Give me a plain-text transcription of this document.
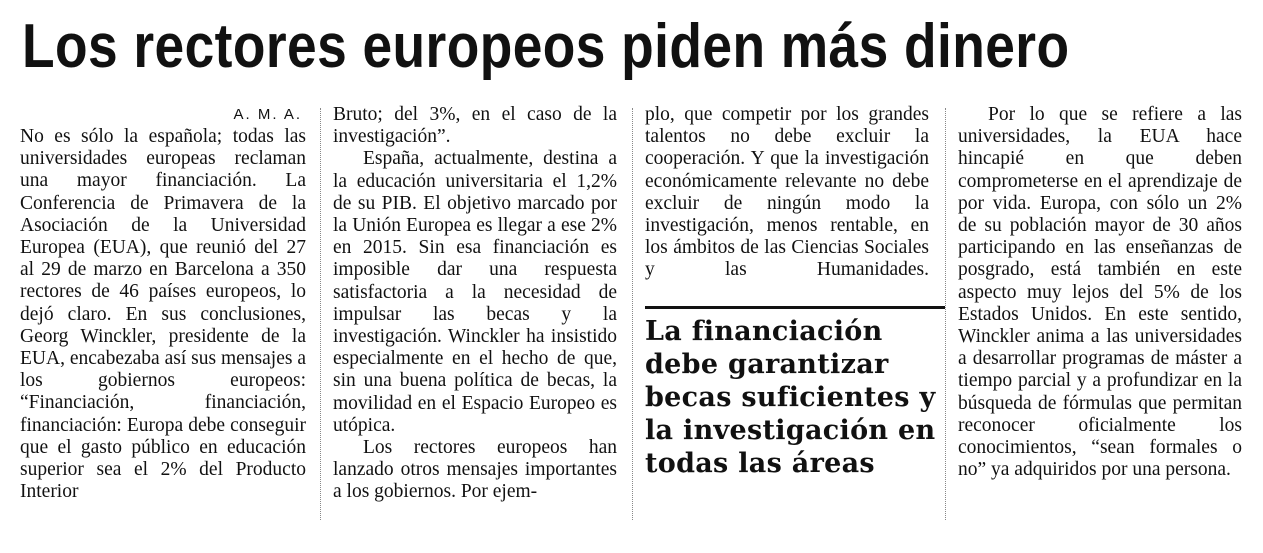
Los rectores europeos piden más dinero
A. M. A.

No es sólo la española; todas las universidades europeas reclaman una mayor financiación. La Conferencia de Primavera de la Asociación de la Universidad Europea (EUA), que reunió del 27 al 29 de marzo en Barcelona a 350 rectores de 46 países europeos, lo dejó claro. En sus conclusiones, Georg Winckler, presidente de la EUA, encabezaba así sus mensajes a los gobiernos europeos: “Financiación, financiación, financiación: Europa debe conseguir que el gasto público en educación superior sea el 2% del Producto Interior

Bruto; del 3%, en el caso de la investigación”.

España, actualmente, destina a la educación universitaria el 1,2% de su PIB. El objetivo marcado por la Unión Europea es llegar a ese 2% en 2015. Sin esa financiación es imposible dar una respuesta satisfactoria a la necesidad de impulsar las becas y la investigación. Winckler ha insistido especialmente en el hecho de que, sin una buena política de becas, la movilidad en el Espacio Europeo es utópica.

Los rectores europeos han lanzado otros mensajes importantes a los gobiernos. Por ejem-

plo, que competir por los grandes talentos no debe excluir la cooperación. Y que la investigación económicamente relevante no debe excluir de ningún modo la investigación, menos rentable, en los ámbitos de las Ciencias Sociales y las Humanidades.

La financiación debe garantizar becas suficientes y la investigación en todas las áreas

Por lo que se refiere a las universidades, la EUA hace hincapié en que deben comprometerse en el aprendizaje de por vida. Europa, con sólo un 2% de su población mayor de 30 años participando en las enseñanzas de posgrado, está también en este aspecto muy lejos del 5% de los Estados Unidos. En este sentido, Winckler anima a las universidades a desarrollar programas de máster a tiempo parcial y a profundizar en la búsqueda de fórmulas que permitan reconocer oficialmente los conocimientos, “sean formales o no” ya adquiridos por una persona.
